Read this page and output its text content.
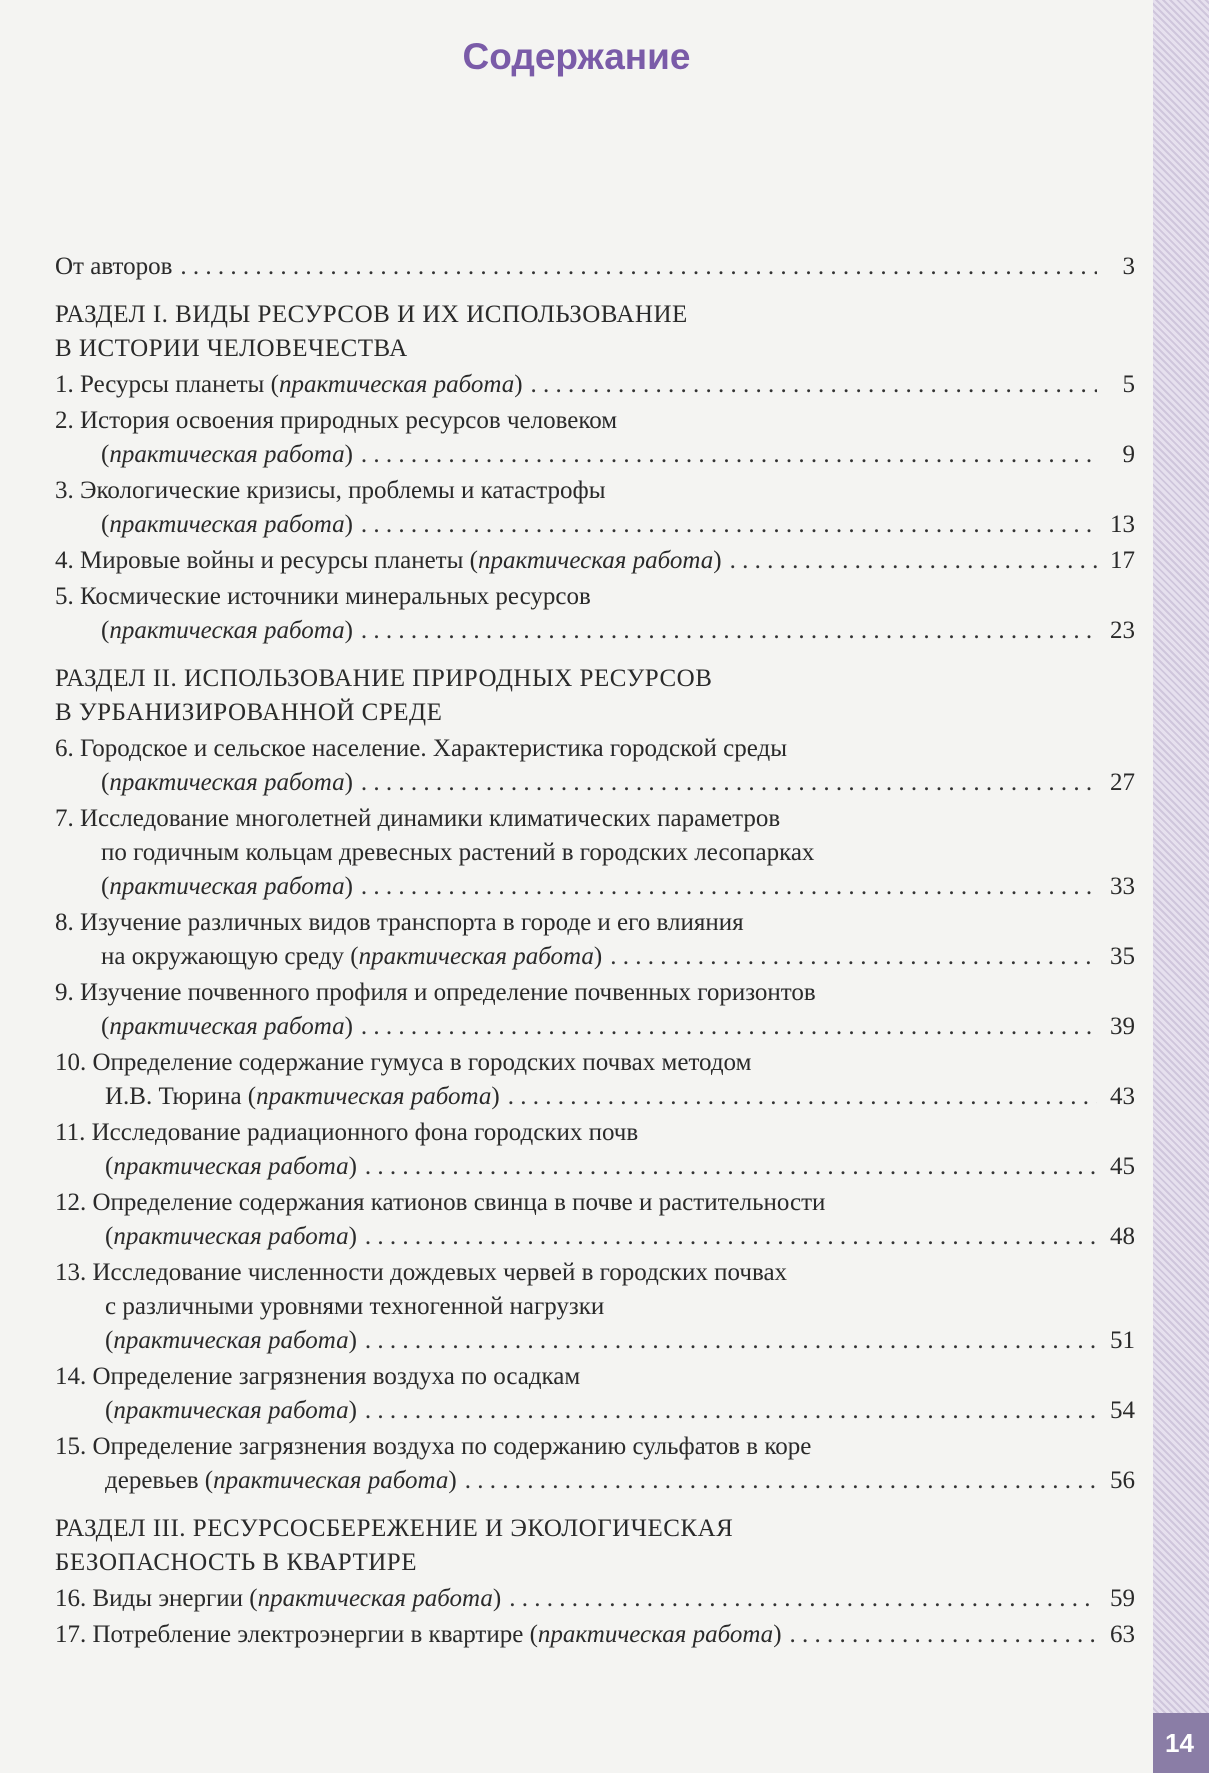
14
Содержание
От авторов . . .	3
РАЗДЕЛ I. ВИДЫ РЕСУРСОВ И ИХ ИСПОЛЬЗОВАНИЕ
В ИСТОРИИ ЧЕЛОВЕЧЕСТВА
1. Ресурсы планеты (практическая работа) . . .	5
2. История освоения природных ресурсов человеком
(практическая работа) . . .	9
3. Экологические кризисы, проблемы и катастрофы
(практическая работа) . . .	13
4. Мировые войны и ресурсы планеты (практическая работа) . . .	17
5. Космические источники минеральных ресурсов
(практическая работа) . . .	23
РАЗДЕЛ II. ИСПОЛЬЗОВАНИЕ ПРИРОДНЫХ РЕСУРСОВ
В УРБАНИЗИРОВАННОЙ СРЕДЕ
6. Городское и сельское население. Характеристика городской среды
(практическая работа) . . .	27
7. Исследование многолетней динамики климатических параметров
по годичным кольцам древесных растений в городских лесопарках
(практическая работа) . . .	33
8. Изучение различных видов транспорта в городе и его влияния
на окружающую среду (практическая работа) . . .	35
9. Изучение почвенного профиля и определение почвенных горизонтов
(практическая работа) . . .	39
10. Определение содержание гумуса в городских почвах методом
И.В. Тюрина (практическая работа) . . .	43
11. Исследование радиационного фона городских почв
(практическая работа) . . .	45
12. Определение содержания катионов свинца в почве и растительности
(практическая работа) . . .	48
13. Исследование численности дождевых червей в городских почвах
с различными уровнями техногенной нагрузки
(практическая работа) . . .	51
14. Определение загрязнения воздуха по осадкам
(практическая работа) . . .	54
15. Определение загрязнения воздуха по содержанию сульфатов в коре
деревьев (практическая работа) . . .	56
РАЗДЕЛ III. РЕСУРСОСБЕРЕЖЕНИЕ И ЭКОЛОГИЧЕСКАЯ
БЕЗОПАСНОСТЬ В КВАРТИРЕ
16. Виды энергии (практическая работа) . . .	59
17. Потребление электроэнергии в квартире (практическая работа) . . .	63
